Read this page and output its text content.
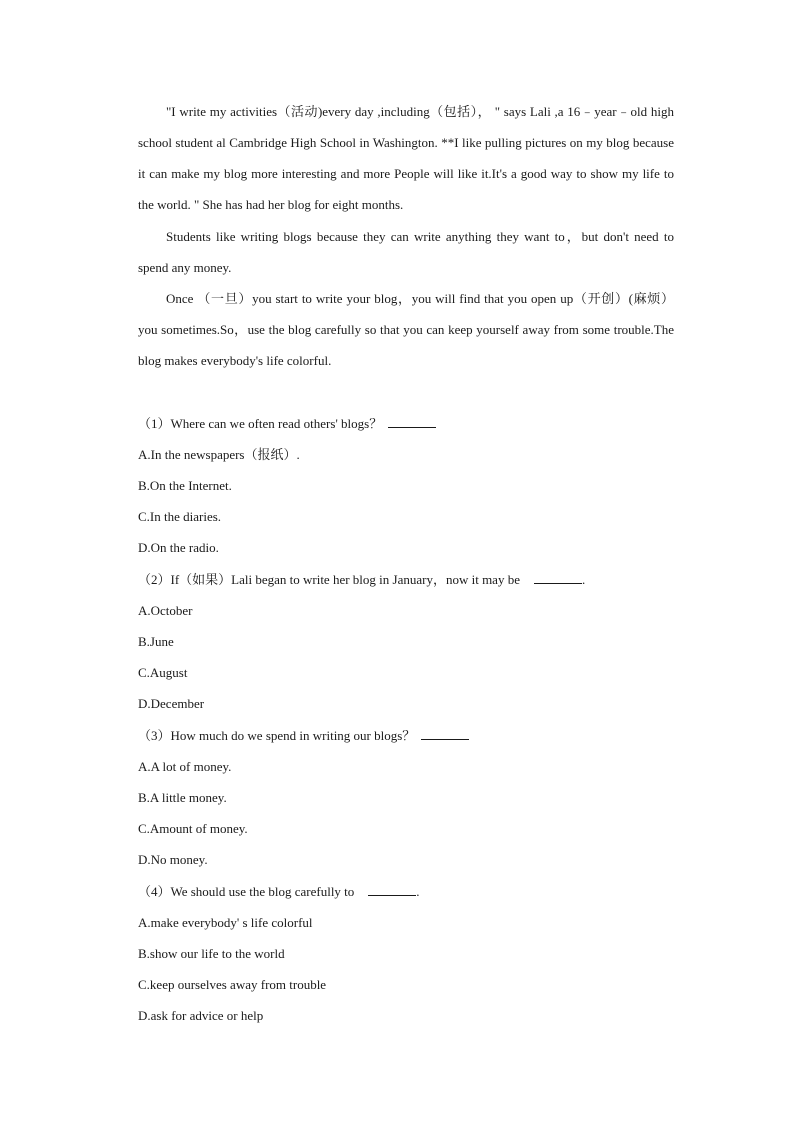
"I write my activities（活动)every day ,including（包括）， " says Lali ,a 16﹣year﹣old high school student al Cambridge High School in Washington. **I like pulling pictures on my blog because it can make my blog more interesting and more People will like it.It's a good way to show my life to the world. " She has had her blog for eight months.

Students like writing blogs because they can write anything they want to，but don't need to spend any money.

Once （一旦）you start to write your blog，you will find that you open up（开创）(麻烦） you sometimes.So，use the blog carefully so that you can keep yourself away from some trouble.The blog makes everybody's life colorful.

（1）Where can we often read others' blogs？
A.In the newspapers（报纸）.
B.On the Internet.
C.In the diaries.
D.On the radio.
（2）If（如果）Lali began to write her blog in January，now it may be	.
A.October
B.June
C.August
D.December
（3）How much do we spend in writing our blogs？
A.A lot of money.
B.A little money.
C.Amount of money.
D.No money.
（4）We should use the blog carefully to	.
A.make everybody' s life colorful
B.show our life to the world
C.keep ourselves away from trouble
D.ask for advice or help
